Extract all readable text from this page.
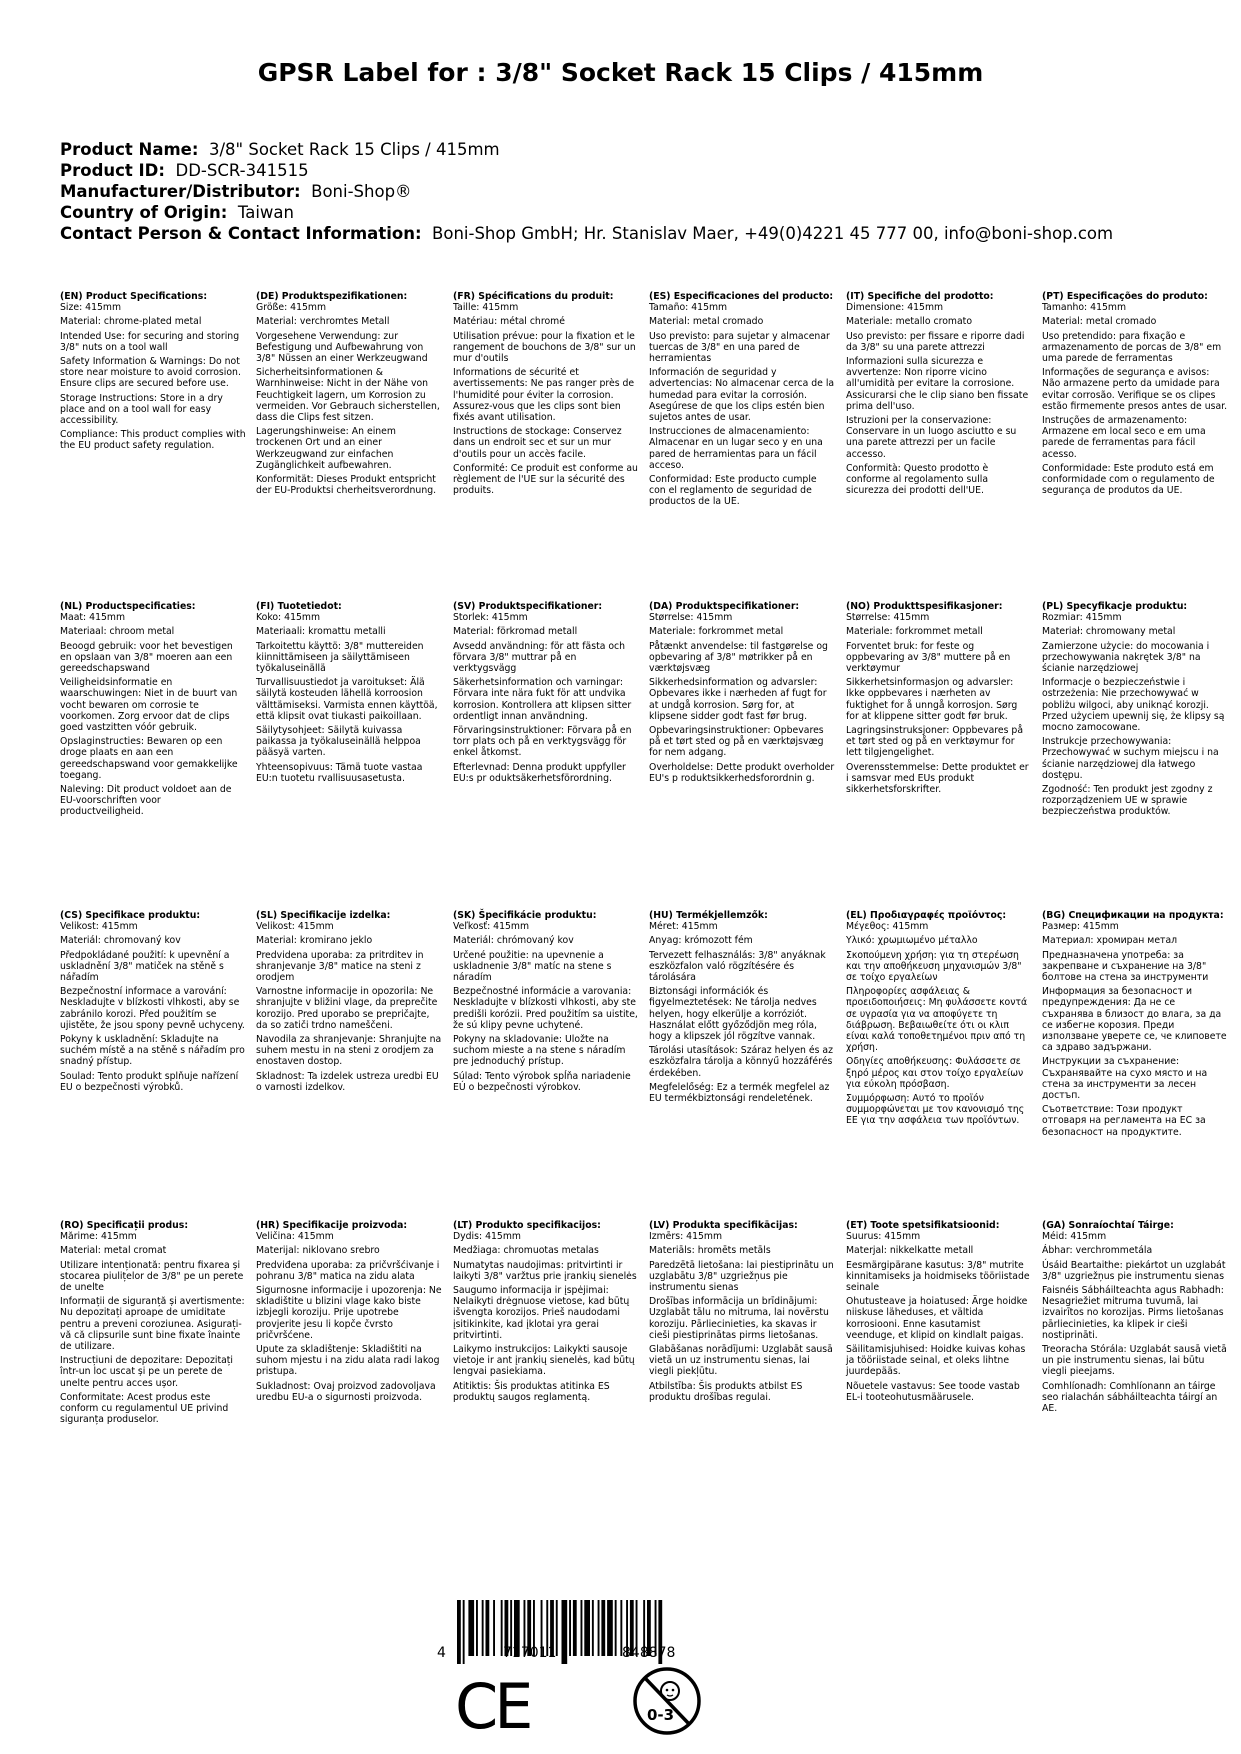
GPSR Label for : 3/8" Socket Rack 15 Clips / 415mm
Product Name: 3/8" Socket Rack 15 Clips / 415mm
Product ID: DD-SCR-341515
Manufacturer/Distributor: Boni-Shop®
Country of Origin: Taiwan
Contact Person & Contact Information: Boni-Shop GmbH; Hr. Stanislav Maer, +49(0)4221 45 777 00, info@boni-shop.com
(EN) Product Specifications:
Size: 415mm
Material: chrome-plated metal
Intended Use: for securing and storing 3/8" nuts on a tool wall
Safety Information & Warnings: Do not store near moisture to avoid corrosion. Ensure clips are secured before use.
Storage Instructions: Store in a dry place and on a tool wall for easy accessibility.
Compliance: This product complies with the EU product safety regulation.
(DE) Produktspezifikationen:
Größe: 415mm
Material: verchromtes Metall
Vorgesehene Verwendung: zur Befestigung und Aufbewahrung von 3/8" Nüssen an einer Werkzeugwand
Sicherheitsinformationen & Warnhinweise: Nicht in der Nähe von Feuchtigkeit lagern, um Korrosion zu vermeiden. Vor Gebrauch sicherstellen, dass die Clips fest sitzen.
Lagerungshinweise: An einem trockenen Ort und an einer Werkzeugwand zur einfachen Zugänglichkeit aufbewahren.
Konformität: Dieses Produkt entspricht der EU-Produktsi cherheitsverordnung.
(FR) Spécifications du produit:
Taille: 415mm
Matériau: métal chromé
Utilisation prévue: pour la fixation et le rangement de bouchons de 3/8" sur un mur d'outils
Informations de sécurité et avertissements: Ne pas ranger près de l'humidité pour éviter la corrosion. Assurez-vous que les clips sont bien fixés avant utilisation.
Instructions de stockage: Conservez dans un endroit sec et sur un mur d'outils pour un accès facile.
Conformité: Ce produit est conforme au règlement de l'UE sur la sécurité des produits.
(ES) Especificaciones del producto:
Tamaño: 415mm
Material: metal cromado
Uso previsto: para sujetar y almacenar tuercas de 3/8" en una pared de herramientas
Información de seguridad y advertencias: No almacenar cerca de la humedad para evitar la corrosión. Asegúrese de que los clips estén bien sujetos antes de usar.
Instrucciones de almacenamiento: Almacenar en un lugar seco y en una pared de herramientas para un fácil acceso.
Conformidad: Este producto cumple con el reglamento de seguridad de productos de la UE.
(IT) Specifiche del prodotto:
Dimensione: 415mm
Materiale: metallo cromato
Uso previsto: per fissare e riporre dadi da 3/8" su una parete attrezzi
Informazioni sulla sicurezza e avvertenze: Non riporre vicino all'umidità per evitare la corrosione. Assicurarsi che le clip siano ben fissate prima dell'uso.
Istruzioni per la conservazione: Conservare in un luogo asciutto e su una parete attrezzi per un facile accesso.
Conformità: Questo prodotto è conforme al regolamento sulla sicurezza dei prodotti dell'UE.
(PT) Especificações do produto:
Tamanho: 415mm
Material: metal cromado
Uso pretendido: para fixação e armazenamento de porcas de 3/8" em uma parede de ferramentas
Informações de segurança e avisos: Não armazene perto da umidade para evitar corrosão. Verifique se os clipes estão firmemente presos antes de usar.
Instruções de armazenamento: Armazene em local seco e em uma parede de ferramentas para fácil acesso.
Conformidade: Este produto está em conformidade com o regulamento de segurança de produtos da UE.
(NL) Productspecificaties:
Maat: 415mm
Materiaal: chroom metal
Beoogd gebruik: voor het bevestigen en opslaan van 3/8" moeren aan een gereedschapswand
Veiligheidsinformatie en waarschuwingen: Niet in de buurt van vocht bewaren om corrosie te voorkomen. Zorg ervoor dat de clips goed vastzitten vóór gebruik.
Opslaginstructies: Bewaren op een droge plaats en aan een gereedschapswand voor gemakkelijke toegang.
Naleving: Dit product voldoet aan de EU-voorschriften voor productveiligheid.
(FI) Tuotetiedot:
Koko: 415mm
Materiaali: kromattu metalli
Tarkoitettu käyttö: 3/8" muttereiden kiinnittämiseen ja säilyttämiseen työkaluseinällä
Turvallisuustiedot ja varoitukset: Älä säilytä kosteuden lähellä korroosion välttämiseksi. Varmista ennen käyttöä, että klipsit ovat tiukasti paikoillaan.
Säilytysohjeet: Säilytä kuivassa paikassa ja työkaluseinällä helppoa pääsyä varten.
Yhteensopivuus: Tämä tuote vastaa EU:n tuotetu rvallisuusasetusta.
(SV) Produktspecifikationer:
Storlek: 415mm
Material: förkromad metall
Avsedd användning: för att fästa och förvara 3/8" muttrar på en verktygsvägg
Säkerhetsinformation och varningar: Förvara inte nära fukt för att undvika korrosion. Kontrollera att klipsen sitter ordentligt innan användning.
Förvaringsinstruktioner: Förvara på en torr plats och på en verktygsvägg för enkel åtkomst.
Efterlevnad: Denna produkt uppfyller EU:s pr oduktsäkerhetsförordning.
(DA) Produktspecifikationer:
Størrelse: 415mm
Materiale: forkrommet metal
Påtænkt anvendelse: til fastgørelse og opbevaring af 3/8" møtrikker på en værktøjsvæg
Sikkerhedsinformation og advarsler: Opbevares ikke i nærheden af fugt for at undgå korrosion. Sørg for, at klipsene sidder godt fast før brug.
Opbevaringsinstruktioner: Opbevares på et tørt sted og på en værktøjsvæg for nem adgang.
Overholdelse: Dette produkt overholder EU's p roduktsikkerhedsforordnin g.
(NO) Produkttspesifikasjoner:
Størrelse: 415mm
Materiale: forkrommet metall
Forventet bruk: for feste og oppbevaring av 3/8" muttere på en verktøymur
Sikkerhetsinformasjon og advarsler: Ikke oppbevares i nærheten av fuktighet for å unngå korrosjon. Sørg for at klippene sitter godt før bruk.
Lagringsinstruksjoner: Oppbevares på et tørt sted og på en verktøymur for lett tilgjengelighet.
Overensstemmelse: Dette produktet er i samsvar med EUs produkt sikkerhetsforskrifter.
(PL) Specyfikacje produktu:
Rozmiar: 415mm
Materiał: chromowany metal
Zamierzone użycie: do mocowania i przechowywania nakrętek 3/8" na ścianie narzędziowej
Informacje o bezpieczeństwie i ostrzeżenia: Nie przechowywać w pobliżu wilgoci, aby uniknąć korozji. Przed użyciem upewnij się, że klipsy są mocno zamocowane.
Instrukcje przechowywania: Przechowywać w suchym miejscu i na ścianie narzędziowej dla łatwego dostępu.
Zgodność: Ten produkt jest zgodny z rozporządzeniem UE w sprawie bezpieczeństwa produktów.
(CS) Specifikace produktu:
Velikost: 415mm
Materiál: chromovaný kov
Předpokládané použití: k upevnění a uskladnění 3/8" matiček na stěně s nářadím
Bezpečnostní informace a varování: Neskladujte v blízkosti vlhkosti, aby se zabránilo korozi. Před použitím se ujistěte, že jsou spony pevně uchyceny.
Pokyny k uskladnění: Skladujte na suchém místě a na stěně s nářadím pro snadný přístup.
Soulad: Tento produkt splňuje nařízení EU o bezpečnosti výrobků.
(SL) Specifikacije izdelka:
Velikost: 415mm
Material: kromirano jeklo
Predvidena uporaba: za pritrditev in shranjevanje 3/8" matice na steni z orodjem
Varnostne informacije in opozorila: Ne shranjujte v bližini vlage, da preprečite korozijo. Pred uporabo se prepričajte, da so zatiči trdno nameščeni.
Navodila za shranjevanje: Shranjujte na suhem mestu in na steni z orodjem za enostaven dostop.
Skladnost: Ta izdelek ustreza uredbi EU o varnosti izdelkov.
(SK) Špecifikácie produktu:
Veľkosť: 415mm
Materiál: chrómovaný kov
Určené použitie: na upevnenie a uskladnenie 3/8" matíc na stene s náradím
Bezpečnostné informácie a varovania: Neskladujte v blízkosti vlhkosti, aby ste predišli korózii. Pred použitím sa uistite, že sú klipy pevne uchytené.
Pokyny na skladovanie: Uložte na suchom mieste a na stene s náradím pre jednoduchý prístup.
Súlad: Tento výrobok spĺňa nariadenie EÚ o bezpečnosti výrobkov.
(HU) Termékjellemzők:
Méret: 415mm
Anyag: krómozott fém
Tervezett felhasználás: 3/8" anyáknak eszközfalon való rögzítésére és tárolására
Biztonsági információk és figyelmeztetések: Ne tárolja nedves helyen, hogy elkerülje a korróziót. Használat előtt győződjön meg róla, hogy a klipszek jól rögzítve vannak.
Tárolási utasítások: Száraz helyen és az eszközfalra tárolja a könnyű hozzáférés érdekében.
Megfelelőség: Ez a termék megfelel az EU termékbiztonsági rendeletének.
(EL) Προδιαγραφές προϊόντος:
Μέγεθος: 415mm
Υλικό: χρωμιωμένο μέταλλο
Σκοπούμενη χρήση: για τη στερέωση και την αποθήκευση μηχανισμών 3/8" σε τοίχο εργαλείων
Πληροφορίες ασφάλειας & προειδοποιήσεις: Μη φυλάσσετε κοντά σε υγρασία για να αποφύγετε τη διάβρωση. Βεβαιωθείτε ότι οι κλιπ είναι καλά τοποθετημένοι πριν από τη χρήση.
Οδηγίες αποθήκευσης: Φυλάσσετε σε ξηρό μέρος και στον τοίχο εργαλείων για εύκολη πρόσβαση.
Συμμόρφωση: Αυτό το προϊόν συμμορφώνεται με τον κανονισμό της ΕΕ για την ασφάλεια των προϊόντων.
(BG) Спецификации на продукта:
Размер: 415mm
Материал: хромиран метал
Предназначена употреба: за закрепване и съхранение на 3/8" болтове на стена за инструменти
Информация за безопасност и предупреждения: Да не се съхранява в близост до влага, за да се избегне корозия. Преди използване уверете се, че клиповете са здраво задържани.
Инструкции за съхранение: Съхранявайте на сухо място и на стена за инструменти за лесен достъп.
Съответствие: Този продукт отговаря на регламента на ЕС за безопасност на продуктите.
(RO) Specificații produs:
Mărime: 415mm
Material: metal cromat
Utilizare intenționată: pentru fixarea și stocarea piulițelor de 3/8" pe un perete de unelte
Informații de siguranță și avertismente: Nu depozitați aproape de umiditate pentru a preveni coroziunea. Asigurați-vă că clipsurile sunt bine fixate înainte de utilizare.
Instrucțiuni de depozitare: Depozitați într-un loc uscat și pe un perete de unelte pentru acces ușor.
Conformitate: Acest produs este conform cu regulamentul UE privind siguranța produselor.
(HR) Specifikacije proizvoda:
Veličina: 415mm
Materijal: niklovano srebro
Predviđena uporaba: za pričvršćivanje i pohranu 3/8" matica na zidu alata
Sigurnosne informacije i upozorenja: Ne skladištite u blizini vlage kako biste izbjegli koroziju. Prije upotrebe provjerite jesu li kopče čvrsto pričvršćene.
Upute za skladištenje: Skladištiti na suhom mjestu i na zidu alata radi lakog pristupa.
Sukladnost: Ovaj proizvod zadovoljava uredbu EU-a o sigurnosti proizvoda.
(LT) Produkto specifikacijos:
Dydis: 415mm
Medžiaga: chromuotas metalas
Numatytas naudojimas: pritvirtinti ir laikyti 3/8" varžtus prie įrankių sienelės
Saugumo informacija ir įspėjimai: Nelaikyti drėgnuose vietose, kad būtų išvengta korozijos. Prieš naudodami įsitikinkite, kad įklotai yra gerai pritvirtinti.
Laikymo instrukcijos: Laikykti sausoje vietoje ir ant įrankių sienelės, kad būtų lengvai pasiekiama.
Atitiktis: Šis produktas atitinka ES produktų saugos reglamentą.
(LV) Produkta specifikācijas:
Izmērs: 415mm
Materiāls: hromēts metāls
Paredzētā lietošana: lai piestiprinātu un uzglabātu 3/8" uzgriežņus pie instrumentu sienas
Drošības informācija un brīdinājumi: Uzglabāt tālu no mitruma, lai novērstu koroziju. Pārliecinieties, ka skavas ir cieši piestiprinātas pirms lietošanas.
Glabāšanas norādījumi: Uzglabāt sausā vietā un uz instrumentu sienas, lai viegli piekļūtu.
Atbilstība: Šis produkts atbilst ES produktu drošības regulai.
(ET) Toote spetsifikatsioonid:
Suurus: 415mm
Materjal: nikkelkatte metall
Eesmärgipärane kasutus: 3/8" mutrite kinnitamiseks ja hoidmiseks tööriistade seinale
Ohutusteave ja hoiatused: Ärge hoidke niiskuse läheduses, et vältida korrosiooni. Enne kasutamist veenduge, et klipid on kindlalt paigas.
Säilitamisjuhised: Hoidke kuivas kohas ja tööriistade seinal, et oleks lihtne juurdepääs.
Nõuetele vastavus: See toode vastab EL-i tooteohutusmäärusele.
(GA) Sonraíochtaí Táirge:
Méid: 415mm
Ábhar: verchrommetála
Úsáid Beartaithe: piekártot un uzglabát 3/8" uzgriežņus pie instrumentu sienas
Faisnéis Sábháilteachta agus Rabhadh: Nesagriežiet mitruma tuvumā, lai izvairītos no korozijas. Pirms lietošanas pārliecinieties, ka klipek ir cieši nostiprināti.
Treoracha Stórála: Uzglabát sausā vietā un pie instrumentu sienas, lai būtu viegli pieejams.
Comhlíonadh: Comhlíonann an táirge seo rialachán sábháilteachta táirgí an AE.
4	717011	848878
CE	0-3
